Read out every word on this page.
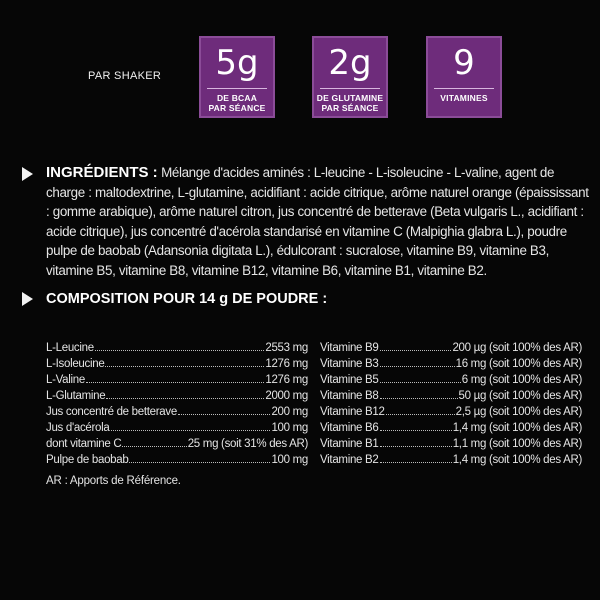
PAR SHAKER	5g
DE BCAA
PAR SÉANCE
2g
DE GLUTAMINE
PAR SÉANCE
9
VITAMINES
INGRÉDIENTS : Mélange d'acides aminés : L-leucine - L-isoleucine - L-valine, agent de charge : maltodextrine, L-glutamine, acidifiant : acide citrique, arôme naturel orange (épaississant : gomme arabique), arôme naturel citron, jus concentré de betterave (Beta vulgaris L., acidifiant : acide citrique), jus concentré d'acérola standarisé en vitamine C (Malpighia glabra L.), poudre pulpe de baobab (Adansonia digitata L.), édulcorant : sucralose, vitamine B9, vitamine B3, vitamine B5, vitamine B8, vitamine B12, vitamine B6, vitamine B1, vitamine B2.
COMPOSITION POUR 14 g DE POUDRE :
L-Leucine	2553 mg
L-Isoleucine	1276 mg
L-Valine	1276 mg
L-Glutamine	2000 mg
Jus concentré de betterave	200 mg
Jus d'acérola	100 mg
dont vitamine C	25 mg (soit 31% des AR)
Pulpe de baobab	100 mg
Vitamine B9	200 µg (soit 100% des AR)
Vitamine B3	16 mg (soit 100% des AR)
Vitamine B5	6 mg (soit 100% des AR)
Vitamine B8	50 µg (soit 100% des AR)
Vitamine B12	2,5 µg (soit 100% des AR)
Vitamine B6	1,4 mg (soit 100% des AR)
Vitamine B1	1,1 mg (soit 100% des AR)
Vitamine B2	1,4 mg (soit 100% des AR)
AR : Apports de Référence.
